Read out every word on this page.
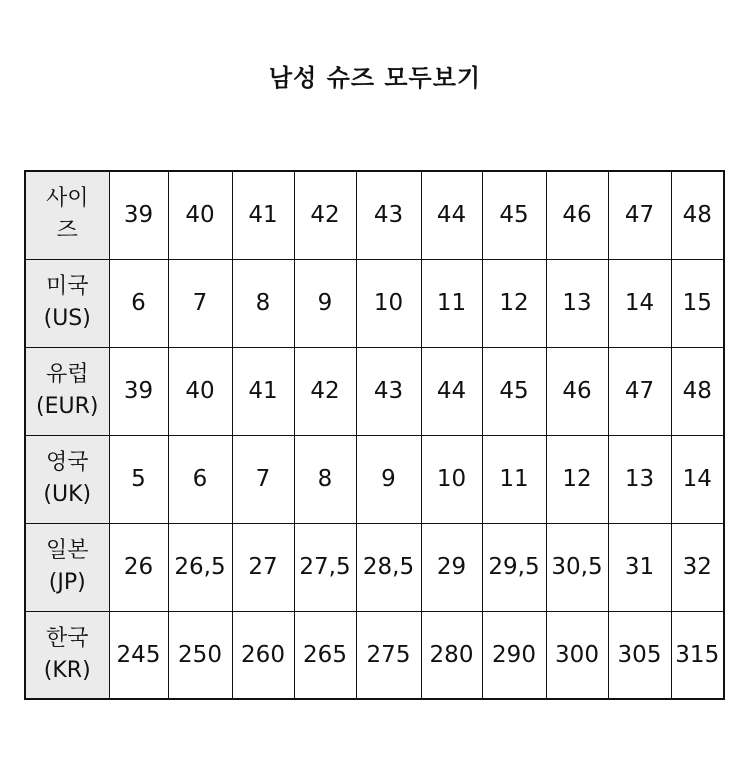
남성 슈즈 모두보기
사이
즈	39	40	41	42	43	44	45	46	47	48

미국
(US)	6	7	8	9	10	11	12	13	14	15

유럽
(EUR)	39	40	41	42	43	44	45	46	47	48

영국
(UK)	5	6	7	8	9	10	11	12	13	14

일본
(JP)	26	26,5	27	27,5	28,5	29	29,5	30,5	31	32

한국
(KR)	245	250	260	265	275	280	290	300	305	315
